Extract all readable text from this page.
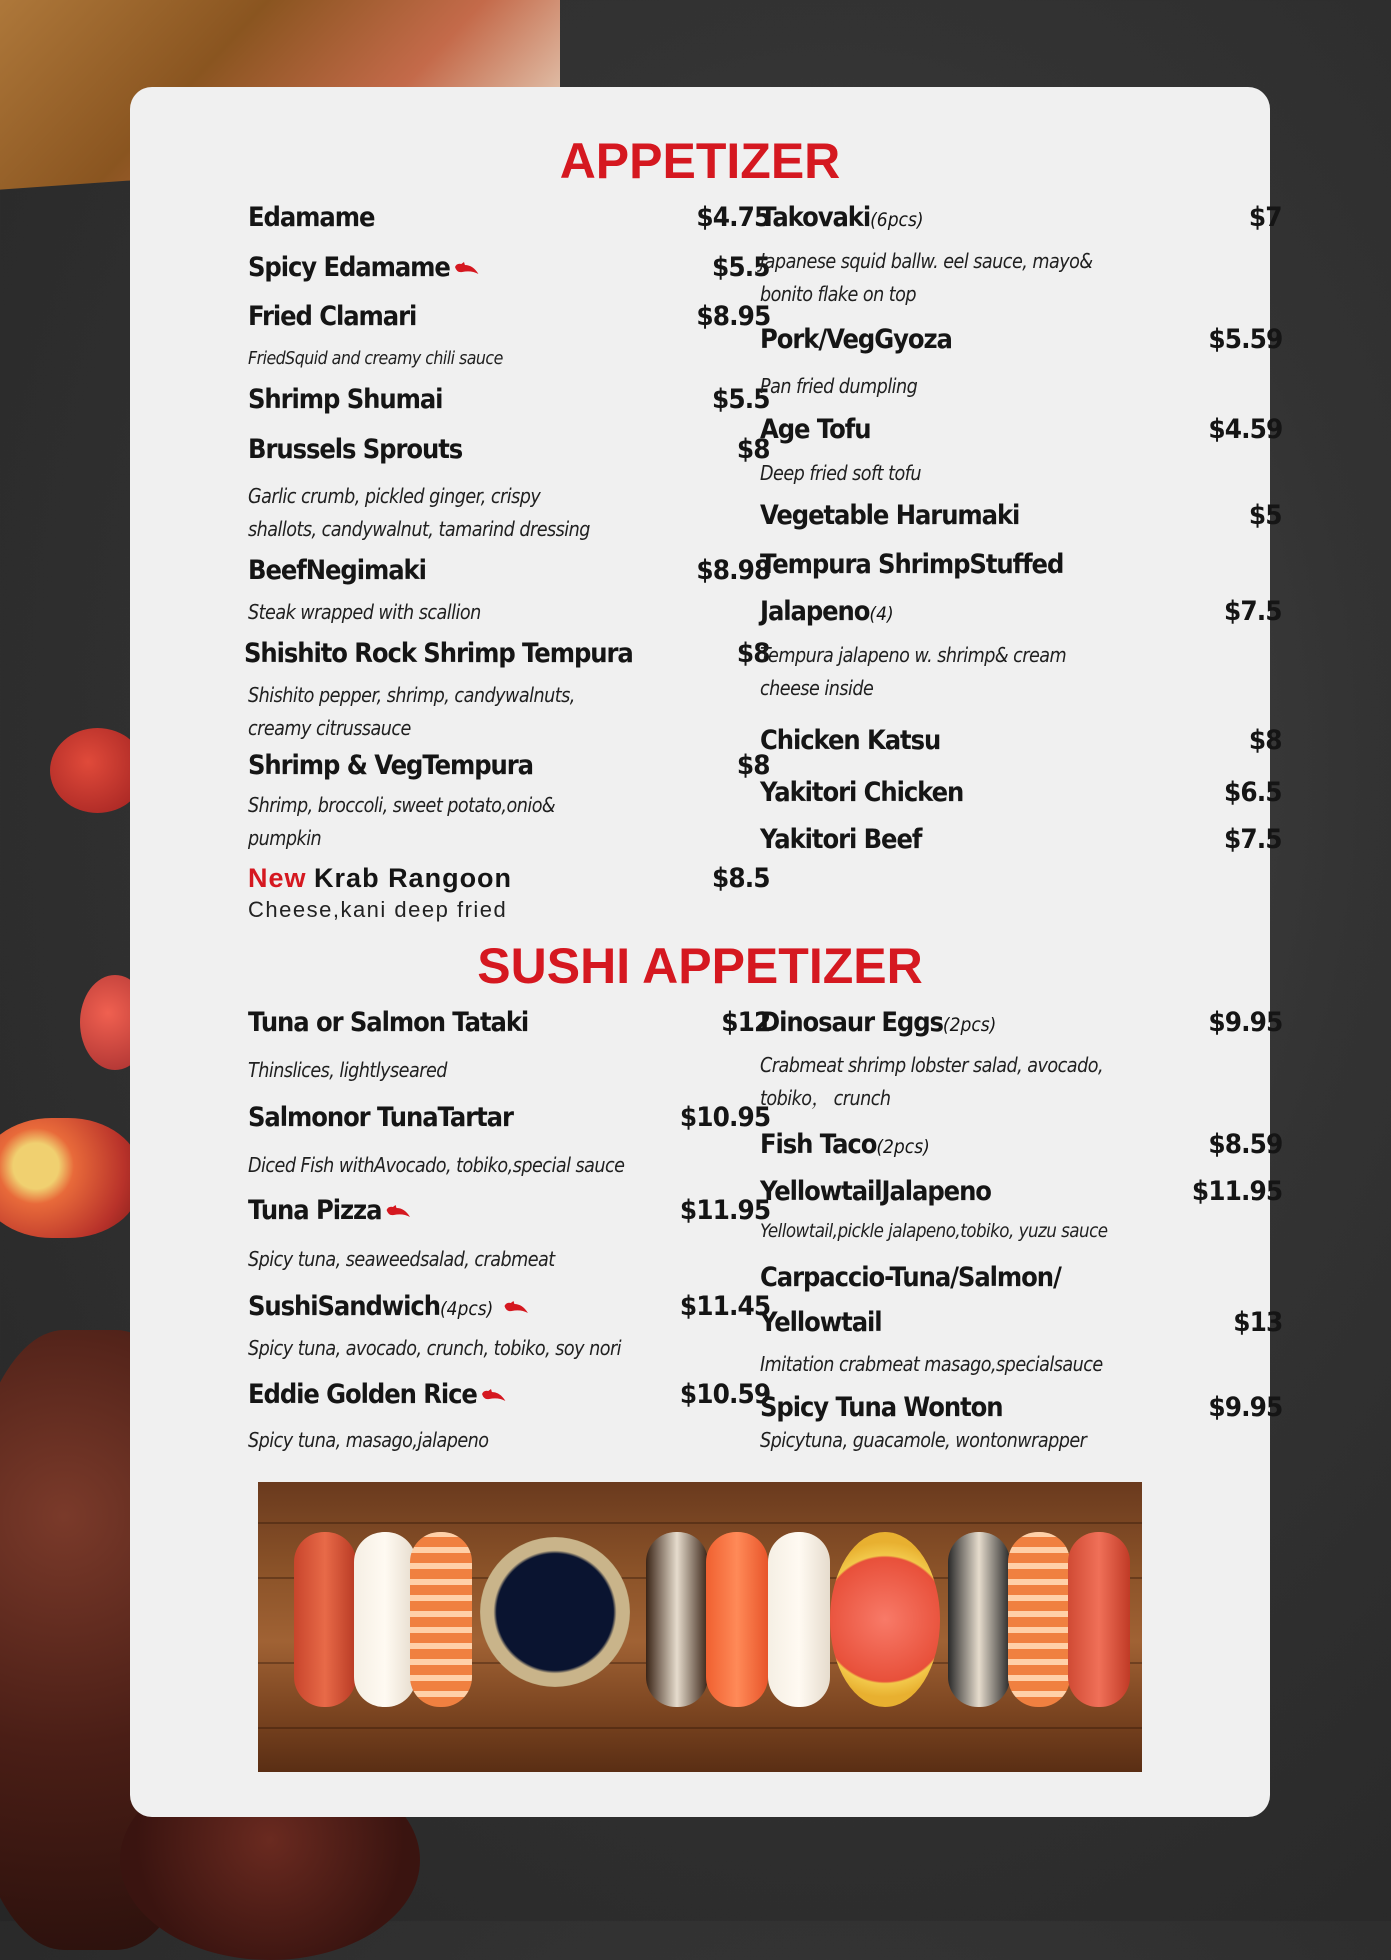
APPETIZER
Edamame	$4.75
Spicy Edamame	$5.5
Fried Clamari	$8.95
FriedSquid and creamy chili sauce
Shrimp Shumai	$5.5
Brussels Sprouts	$8
Garlic crumb, pickled ginger, crispy
shallots, candywalnut, tamarind dressing
BeefNegimaki	$8.98
Steak wrapped with scallion
Shishito Rock Shrimp Tempura	$8
Shishito pepper, shrimp, candywalnuts,
creamy citrussauce
Shrimp & VegTempura	$8
Shrimp, broccoli, sweet potato,onio&
pumpkin
New Krab Rangoon	$8.5
Cheese,kani deep fried
Takovaki(6pcs)	$7
Japanese squid ballw. eel sauce, mayo&
bonito flake on top
Pork/VegGyoza	$5.59
Pan fried dumpling
Age Tofu	$4.59
Deep fried soft tofu
Vegetable Harumaki	$5
Tempura ShrimpStuffed
Jalapeno(4)	$7.5
Tempura jalapeno w. shrimp& cream
cheese inside
Chicken Katsu	$8
Yakitori Chicken	$6.5
Yakitori Beef	$7.5
SUSHI APPETIZER
Tuna or Salmon Tataki	$12
Thinslices, lightlyseared
Salmonor TunaTartar	$10.95
Diced Fish withAvocado, tobiko,special sauce
Tuna Pizza	$11.95
Spicy tuna, seaweedsalad, crabmeat
SushiSandwich(4pcs)	$11.45
Spicy tuna, avocado, crunch, tobiko, soy nori
Eddie Golden Rice	$10.59
Spicy tuna, masago,jalapeno
Dinosaur Eggs(2pcs)	$9.95
Crabmeat shrimp lobster salad, avocado,
tobiko， crunch
Fish Taco(2pcs)	$8.59
YellowtailJalapeno	$11.95
Yellowtail,pickle jalapeno,tobiko, yuzu sauce
Carpaccio-Tuna/Salmon/
Yellowtail	$13
Imitation crabmeat masago,specialsauce
Spicy Tuna Wonton	$9.95
Spicytuna, guacamole, wontonwrapper
